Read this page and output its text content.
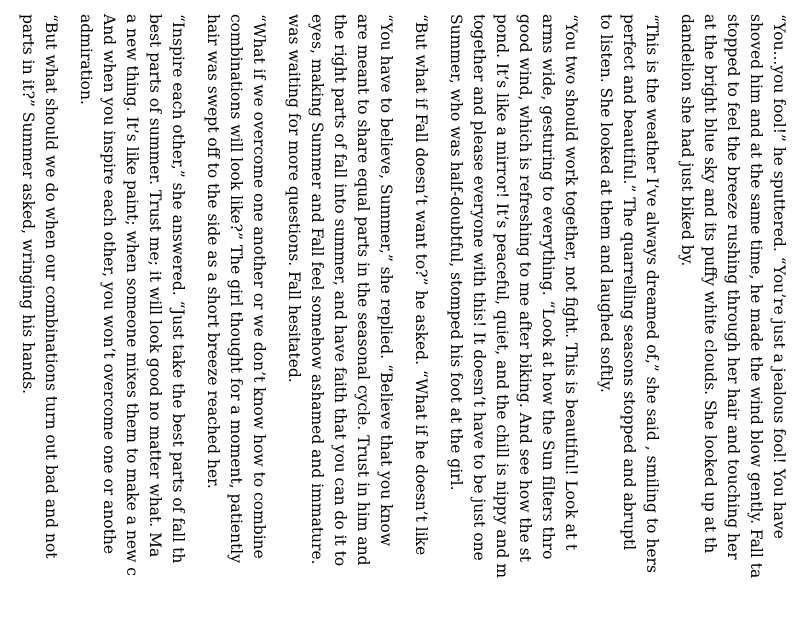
“You...you fool!” he sputtered. “You’re just a jealous fool! You have
shoved him and at the same time, he made the wind blow gently. Fall ta
stopped to feel the breeze rushing through her hair and touching her
at the bright blue sky and its puffy white clouds. She looked up at th
dandelion she had just biked by.
“This is the weather I’ve always dreamed of,” she said , smiling to hers
perfect and beautiful.” The quarrelling seasons stopped and abruptl
to listen. She looked at them and laughed softly.
“You two should work together, not fight. This is beautiful! Look at t
arms wide, gesturing to everything. “Look at how the Sun filters thro
good wind, which is refreshing to me after biking. And see how the st
pond. It’s like a mirror! It’s peaceful, quiet, and the chill is nippy and m
together and please everyone with this! It doesn’t have to be just one
Summer, who was half-doubtful, stomped his foot at the girl.
“But what if Fall doesn’t want to?” he asked. “What if he doesn’t like
“You have to believe, Summer,” she replied. “Believe that you know
are meant to share equal parts in the seasonal cycle. Trust in him and
the right parts of fall into summer, and have faith that you can do it to
eyes, making Summer and Fall feel somehow ashamed and immature.
was waiting for more questions. Fall hesitated.
“What if we overcome one another or we don’t know how to combine
combinations will look like?” The girl thought for a moment, patiently
hair was swept off to the side as a short breeze reached her.
“Inspire each other,” she answered. “Just take the best parts of fall th
best parts of summer. Trust me; it will look good no matter what. Ma
a new thing. It’s like paint; when someone mixes them to make a new c
And when you inspire each other, you won’t overcome one or anothe
admiration.
“But what should we do when our combinations turn out bad and not
parts in it?” Summer asked, wringing his hands.
